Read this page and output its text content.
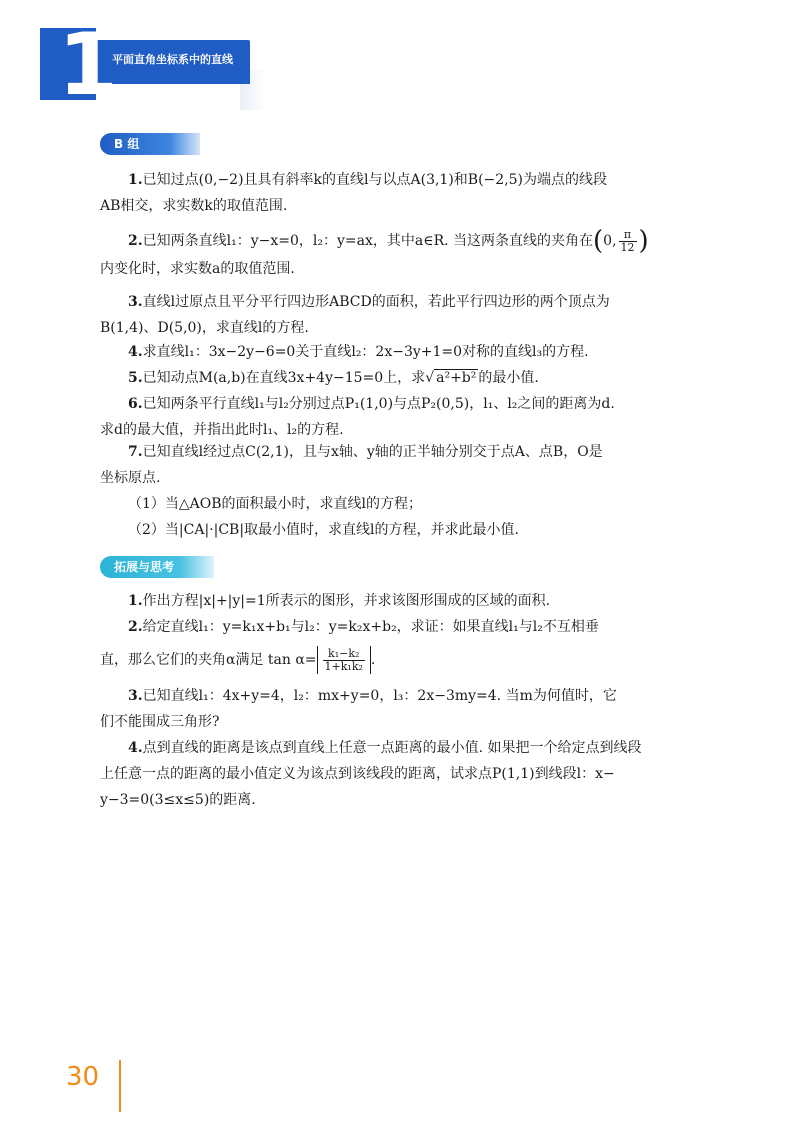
1
平面直角坐标系中的直线
B 组
1.已知过点(0,−2)且具有斜率k的直线l与以点A(3,1)和B(−2,5)为端点的线段
AB相交，求实数k的取值范围.
2.已知两条直线l₁：y−x=0，l₂：y=ax，其中a∈R. 当这两条直线的夹角在(0, $\frac{\pi}{12}$ )
内变化时，求实数a的取值范围.
3.直线l过原点且平分平行四边形ABCD的面积，若此平行四边形的两个顶点为
B(1,4)、D(5,0)，求直线l的方程.
4.求直线l₁：3x−2y−6=0关于直线l₂：2x−3y+1=0对称的直线l₃的方程.
5.已知动点M(a,b)在直线3x+4y−15=0上，求√ a²+b² 的最小值.
6.已知两条平行直线l₁与l₂分别过点P₁(1,0)与点P₂(0,5)，l₁、l₂之间的距离为d.
求d的最大值，并指出此时l₁、l₂的方程.
7.已知直线l经过点C(2,1)，且与x轴、y轴的正半轴分别交于点A、点B，O是
坐标原点.
（1）当△AOB的面积最小时，求直线l的方程；
（2）当|CA|·|CB|取最小值时，求直线l的方程，并求此最小值.
拓展与思考
1.作出方程|x|+|y|=1所表示的图形，并求该图形围成的区域的面积.
2.给定直线l₁：y=k₁x+b₁与l₂：y=k₂x+b₂，求证：如果直线l₁与l₂不互相垂
直，那么它们的夹角α满足 $\tan \alpha= \frac{\text{k₁−k₂}}{\text{1+k₁k₂}}$ .
3.已知直线l₁：4x+y=4，l₂：mx+y=0，l₃：2x−3my=4. 当m为何值时，它
们不能围成三角形?
4.点到直线的距离是该点到直线上任意一点距离的最小值. 如果把一个给定点到线段
上任意一点的距离的最小值定义为该点到该线段的距离，试求点P(1,1)到线段l：x−
y−3=0(3≤x≤5)的距离.
30
